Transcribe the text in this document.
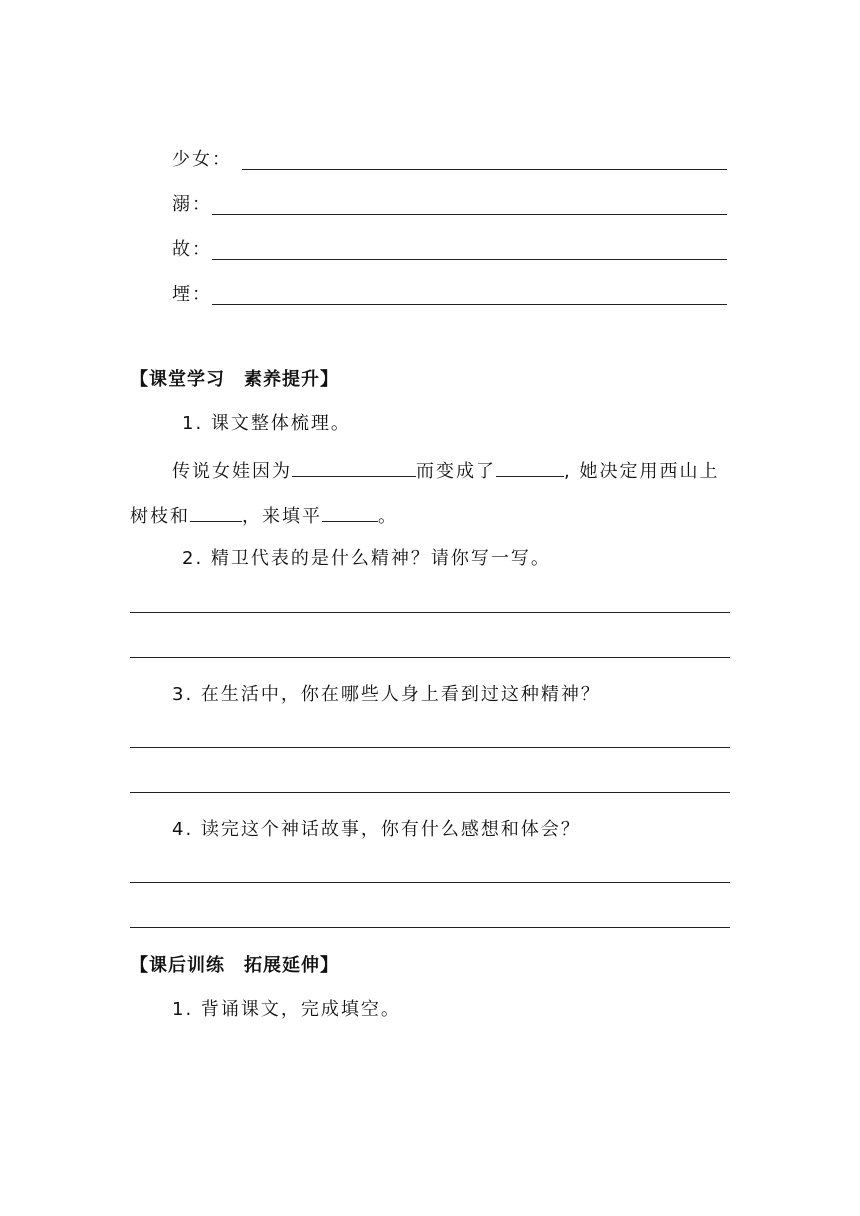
少女：
溺：
故：
堙：
【课堂学习　素养提升】
1. 课文整体梳理。
传说女娃因为	而变成了	, 她决定用西山上
树枝和	，来填平	。
2. 精卫代表的是什么精神？请你写一写。
3. 在生活中，你在哪些人身上看到过这种精神？
4. 读完这个神话故事，你有什么感想和体会？
【课后训练　拓展延伸】
1. 背诵课文，完成填空。
